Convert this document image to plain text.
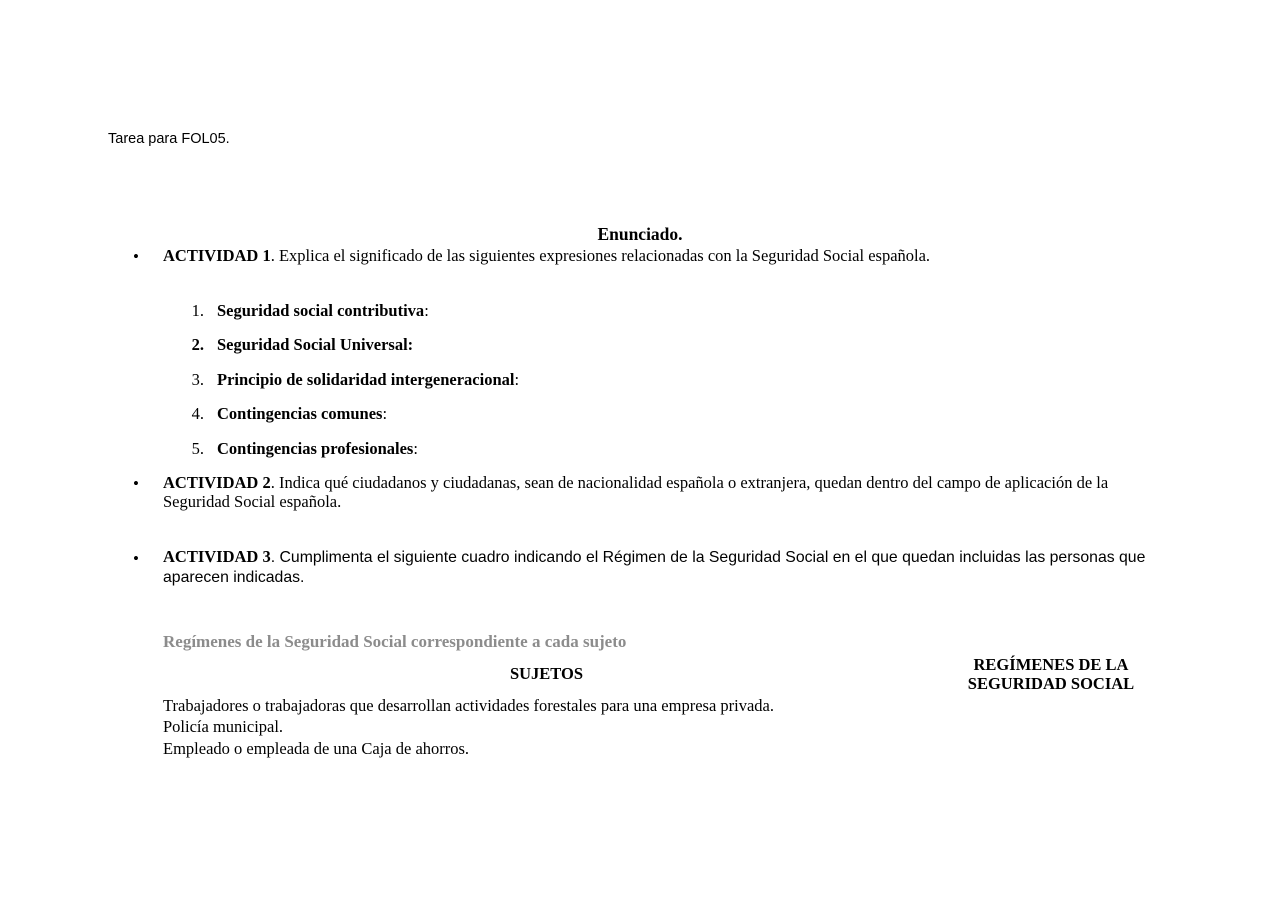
Tarea para FOL05.
Enunciado.
• ACTIVIDAD 1. Explica el significado de las siguientes expresiones relacionadas con la Seguridad Social española.
1. Seguridad social contributiva:
2. Seguridad Social Universal:
3. Principio de solidaridad intergeneracional:
4. Contingencias comunes:
5. Contingencias profesionales:
• ACTIVIDAD 2. Indica qué ciudadanos y ciudadanas, sean de nacionalidad española o extranjera, quedan dentro del campo de aplicación de la
Seguridad Social española.
• ACTIVIDAD 3. Cumplimenta el siguiente cuadro indicando el Régimen de la Seguridad Social en el que quedan incluidas las personas que
aparecen indicadas.
Regímenes de la Seguridad Social correspondiente a cada sujeto
SUJETOS	REGÍMENES DE LA
SEGURIDAD SOCIAL
Trabajadores o trabajadoras que desarrollan actividades forestales para una empresa privada.
Policía municipal.
Empleado o empleada de una Caja de ahorros.
